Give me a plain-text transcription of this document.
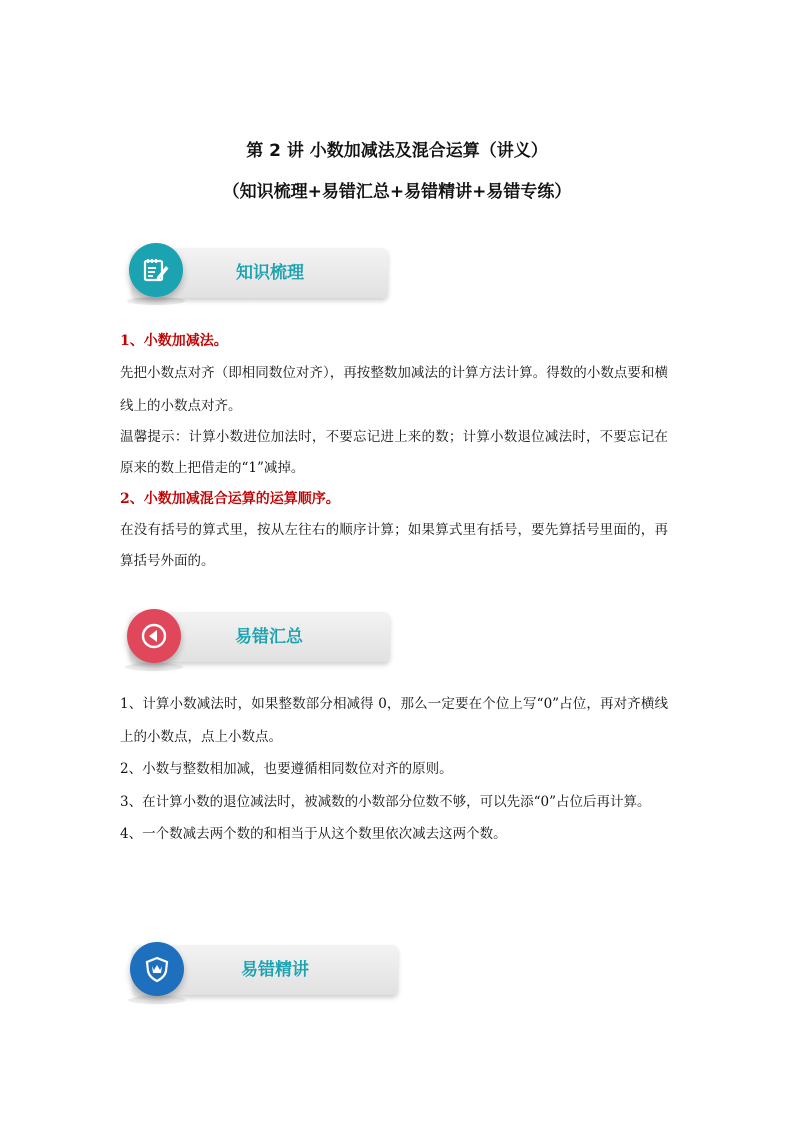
第 2 讲 小数加减法及混合运算（讲义）
（知识梳理+易错汇总+易错精讲+易错专练）
知识梳理
1、小数加减法。
先把小数点对齐（即相同数位对齐），再按整数加减法的计算方法计算。得数的小数点要和横线上的小数点对齐。
温馨提示：计算小数进位加法时，不要忘记进上来的数；计算小数退位减法时，不要忘记在原来的数上把借走的“1”减掉。
2、小数加减混合运算的运算顺序。
在没有括号的算式里，按从左往右的顺序计算；如果算式里有括号，要先算括号里面的，再算括号外面的。
易错汇总
1、计算小数减法时，如果整数部分相减得 0，那么一定要在个位上写“0”占位，再对齐横线上的小数点，点上小数点。
2、小数与整数相加减，也要遵循相同数位对齐的原则。
3、在计算小数的退位减法时，被减数的小数部分位数不够，可以先添“0”占位后再计算。
4、一个数减去两个数的和相当于从这个数里依次减去这两个数。
易错精讲
